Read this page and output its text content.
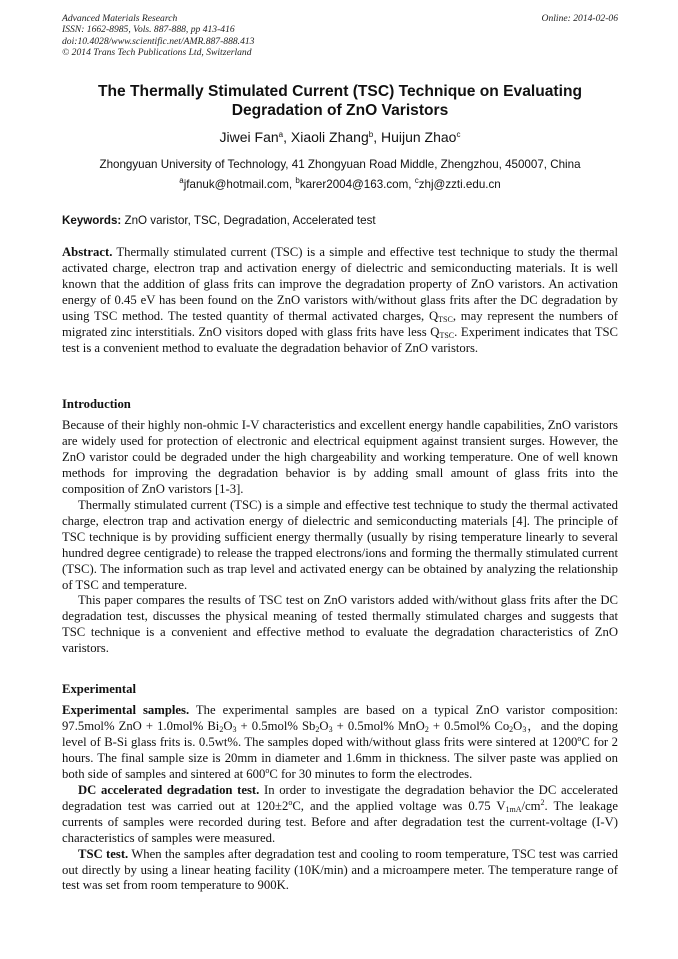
Advanced Materials Research
ISSN: 1662-8985, Vols. 887-888, pp 413-416
doi:10.4028/www.scientific.net/AMR.887-888.413
© 2014 Trans Tech Publications Ltd, Switzerland
Online: 2014-02-06
The Thermally Stimulated Current (TSC) Technique on Evaluating
Degradation of ZnO Varistors
Jiwei Fan$^a$, Xiaoli Zhang$^b$, Huijun Zhao$^c$
Zhongyuan University of Technology, 41 Zhongyuan Road Middle, Zhengzhou, 450007, China
$^a$jfanuk@hotmail.com, $^b$karer2004@163.com, $^c$zhj@zzti.edu.cn
Keywords: ZnO varistor, TSC, Degradation, Accelerated test

Abstract. Thermally stimulated current (TSC) is a simple and effective test technique to study the thermal activated charge, electron trap and activation energy of dielectric and semiconducting materials. It is well known that the addition of glass frits can improve the degradation property of ZnO varistors. An activation energy of 0.45 eV has been found on the ZnO varistors with/without glass frits after the DC degradation by using TSC method. The tested quantity of thermal activated charges, $Q_{TSC}$, may represent the numbers of migrated zinc interstitials. ZnO visitors doped with glass frits have less $Q_{TSC}$. Experiment indicates that TSC test is a convenient method to evaluate the degradation behavior of ZnO varistors.

Introduction

Because of their highly non-ohmic I-V characteristics and excellent energy handle capabilities, ZnO varistors are widely used for protection of electronic and electrical equipment against transient surges. However, the ZnO varistor could be degraded under the high chargeability and working temperature. One of well known methods for improving the degradation behavior is by adding small amount of glass frits into the composition of ZnO varistors [1-3].

Thermally stimulated current (TSC) is a simple and effective test technique to study the thermal activated charge, electron trap and activation energy of dielectric and semiconducting materials [4]. The principle of TSC technique is by providing sufficient energy thermally (usually by rising temperature linearly to several hundred degree centigrade) to release the trapped electrons/ions and forming the thermally stimulated current (TSC). The information such as trap level and activated energy can be obtained by analyzing the relationship of TSC and temperature.

This paper compares the results of TSC test on ZnO varistors added with/without glass frits after the DC degradation test, discusses the physical meaning of tested thermally stimulated charges and suggests that TSC technique is a convenient and effective method to evaluate the degradation characteristics of ZnO varistors.

Experimental

Experimental samples. The experimental samples are based on a typical ZnO varistor composition: 97.5mol% ZnO + 1.0mol% $Bi_2O_3 + 0.5mol\%$ $Sb_2O_3 + 0.5mol\%$ MnO$_2$ + 0.5mol% $Co_2O_3$，and the doping level of B-Si glass frits is. 0.5wt%. The samples doped with/without glass frits were sintered at 1200$^o$C for 2 hours. The final sample size is 20mm in diameter and 1.6mm in thickness. The silver paste was applied on both side of samples and sintered at 600$^o$C for 30 minutes to form the electrodes.

DC accelerated degradation test. In order to investigate the degradation behavior the DC accelerated degradation test was carried out at $120\pm 2^oC$, and the applied voltage was 0.75 $V_{1mA}/cm^2$. The leakage currents of samples were recorded during test. Before and after degradation test the current-voltage (I-V) characteristics of samples were measured.

TSC test. When the samples after degradation test and cooling to room temperature, TSC test was carried out directly by using a linear heating facility (10K/min) and a microampere meter. The temperature range of test was set from room temperature to 900K.
